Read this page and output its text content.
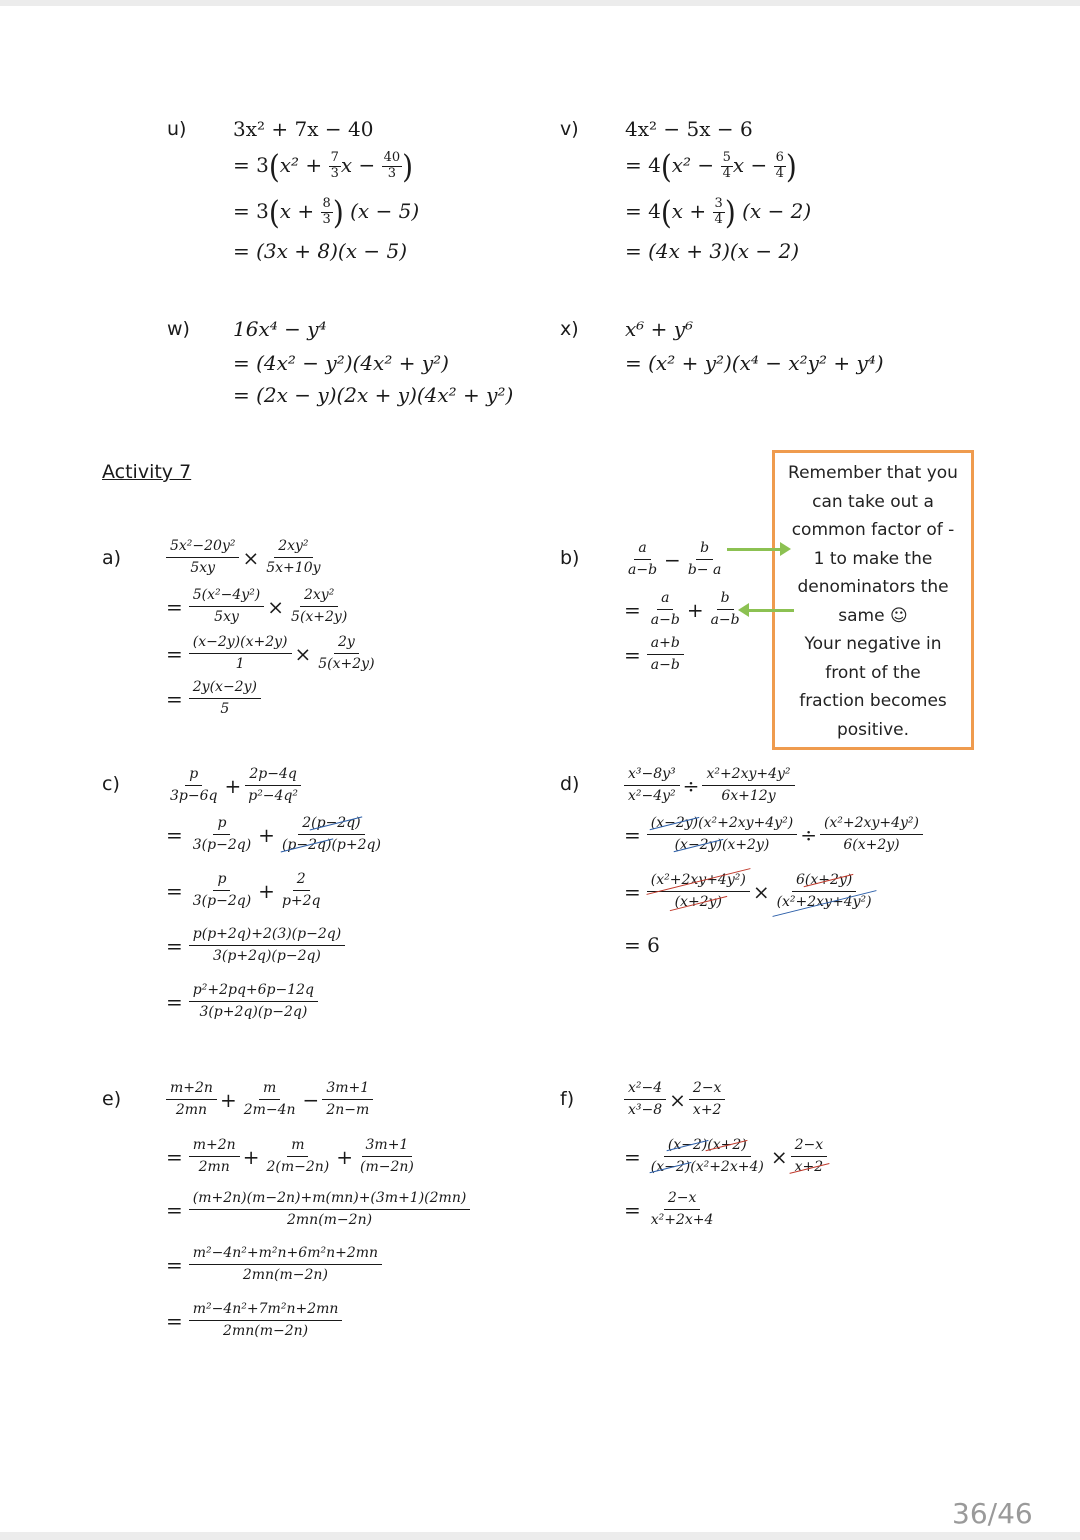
u) 3x² + 7x − 40
= $3(x^2 + \frac{7}{3}$ $x - \frac{40}{3}$ )
= $3(x + \frac{8}{3}$ ) (x − 5)
= (3x + 8)(x − 5)
v) 4x² − 5x − 6
= $4(x^2 - \frac{5}{4}$ $x - \frac{6}{4}$ )
= $4(x + \frac{3}{4}$ ) (x − 2)
= (4x + 3)(x − 2)
w) 16x⁴ − y⁴
= (4x² − y²)(4x² + y²)
= (2x − y)(2x + y)(4x² + y²)
x) x⁶ + y⁶
= (x² + y²)(x⁴ − x²y² + y⁴)
Activity 7	Remember that you
can take out a
common factor of -
1 to make the
denominators the
same ☺
Your negative in
front of the
fraction becomes
positive.
a)	$\frac{\text{5x²−20y²}}{5xy} \times \frac{\text{2xy²}}{5x+10y}$
= $\frac{\text{5(x²−4y²)}}{5xy} \times \frac{\text{2xy²}}{5(x+2y)}$
= $\frac{(x-2y)(x+2y)}{1} \times \frac{2y}{5(x+2y)}$
= $\frac{2y(x-2y)}{5}$
b)	a
$a-b - \frac{b}{b- a}$
= $\frac{a}{a-b} + \frac{b}{a-b}$
= $\frac{a+b}{a-b}$
c)	p
$3p-6q + \frac{2p-4q}{\text{p²−4q²}}$
= $\frac{p}{3(p-2q)} + \frac{2(p-2q)}{(p-2q)(p+2q)}$
= $\frac{p}{3(p-2q)} + \frac{2}{p+2q}$
= $\frac{p(p+2q)+2(3)(p-2q)}{3(p+2q)(p-2q)}$
= $\frac{\text{p²+2pq+6p−12q}}{3(p+2q)(p-2q)}$
d)	$\frac{\text{x³−8y³}}{\text{x²−4y²}} \div \frac{\text{x²+2xy+4y²}}{6x+12y}$
= $\frac{\text{(x−2y)(x²+2xy+4y²)}}{(x-2y)(x+2y)} \div \frac{\text{(x²+2xy+4y²)}}{6(x+2y)}$
= $\frac{\text{(x²+2xy+4y²)}}{(x+2y)} \times \frac{6(x+2y)}{\text{(x²+2xy+4y²)}}$
= 6
e)	m+2n
$2mn + \frac{m}{2m-4n} - \frac{3m+1}{2n-m}$
= $\frac{m+2n}{2mn} + \frac{m}{2(m-2n)} + \frac{3m+1}{(m-2n)}$
= $\frac{(m+2n)(m-2n)+m(mn)+(3m+1)(2mn)}{2mn(m-2n)}$
= $\frac{\text{m²−4n²+m²n+6m²n+2mn}}{2mn(m-2n)}$
= $\frac{\text{m²−4n²+7m²n+2mn}}{2mn(m-2n)}$
f)	$\frac{\text{x²−4}}{\text{x³−8}} \times \frac{2-x}{x+2}$
= $\frac{(x-2)(x+2)}{\text{(x−2)(x²+2x+4)}} \times \frac{2-x}{x+2}$
= $\frac{2-x}{\text{x²+2x+4}}$
36/46
